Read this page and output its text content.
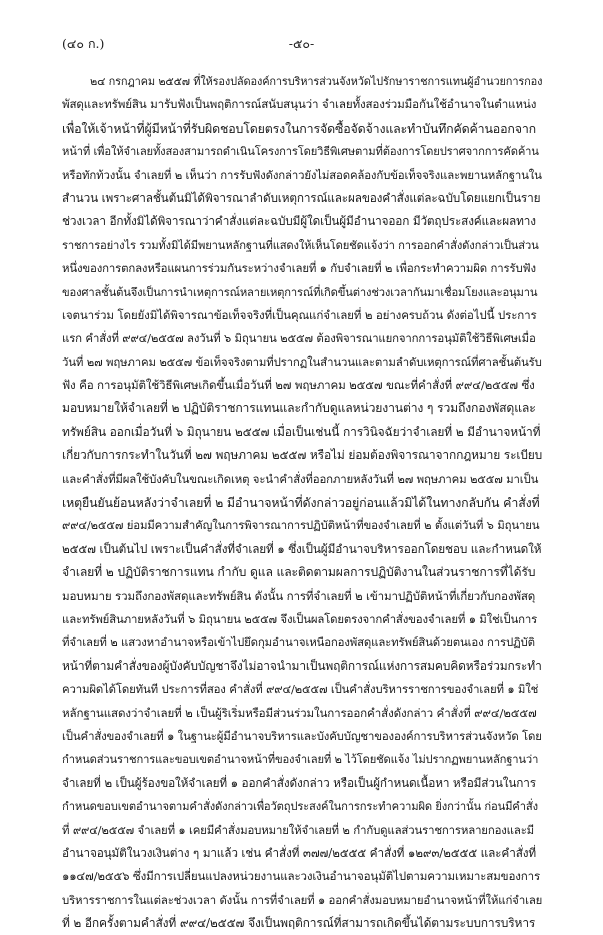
(๔๐ ก.)	-๕๐-
๒๔ กรกฎาคม ๒๕๕๗ ที่ให้รองปลัดองค์การบริหารส่วนจังหวัดไปรักษาราชการแทนผู้อำนวยการกอง
พัสดุและทรัพย์สิน มารับฟังเป็นพฤติการณ์สนับสนุนว่า จำเลยทั้งสองร่วมมือกันใช้อำนาจในตำแหน่ง
เพื่อให้เจ้าหน้าที่ผู้มีหน้าที่รับผิดชอบโดยตรงในการจัดซื้อจัดจ้างและทำบันทึกคัดค้านออกจาก
หน้าที่ เพื่อให้จำเลยทั้งสองสามารถดำเนินโครงการโดยวิธีพิเศษตามที่ต้องการโดยปราศจากการคัดค้าน
หรือทักท้วงนั้น จำเลยที่ ๒ เห็นว่า การรับฟังดังกล่าวยังไม่สอดคล้องกับข้อเท็จจริงและพยานหลักฐานใน
สำนวน เพราะศาลชั้นต้นมิได้พิจารณาลำดับเหตุการณ์และผลของคำสั่งแต่ละฉบับโดยแยกเป็นราย
ช่วงเวลา อีกทั้งมิได้พิจารณาว่าคำสั่งแต่ละฉบับมีผู้ใดเป็นผู้มีอำนาจออก มีวัตถุประสงค์และผลทาง
ราชการอย่างไร รวมทั้งมิได้มีพยานหลักฐานที่แสดงให้เห็นโดยชัดแจ้งว่า การออกคำสั่งดังกล่าวเป็นส่วน
หนึ่งของการตกลงหรือแผนการร่วมกันระหว่างจำเลยที่ ๑ กับจำเลยที่ ๒ เพื่อกระทำความผิด การรับฟัง
ของศาลชั้นต้นจึงเป็นการนำเหตุการณ์หลายเหตุการณ์ที่เกิดขึ้นต่างช่วงเวลากันมาเชื่อมโยงและอนุมาน
เจตนาร่วม โดยยังมิได้พิจารณาข้อเท็จจริงที่เป็นคุณแก่จำเลยที่ ๒ อย่างครบถ้วน ดังต่อไปนี้ ประการ
แรก คำสั่งที่ ๙๙๔/๒๕๕๗ ลงวันที่ ๖ มิถุนายน ๒๕๕๗ ต้องพิจารณาแยกจากการอนุมัติใช้วิธีพิเศษเมื่อ
วันที่ ๒๗ พฤษภาคม ๒๕๕๗ ข้อเท็จจริงตามที่ปรากฏในสำนวนและตามลำดับเหตุการณ์ที่ศาลชั้นต้นรับ
ฟัง คือ การอนุมัติใช้วิธีพิเศษเกิดขึ้นเมื่อวันที่ ๒๗ พฤษภาคม ๒๕๕๗ ขณะที่คำสั่งที่ ๙๙๔/๒๕๕๗ ซึ่ง
มอบหมายให้จำเลยที่ ๒ ปฏิบัติราชการแทนและกำกับดูแลหน่วยงานต่าง ๆ รวมถึงกองพัสดุและ
ทรัพย์สิน ออกเมื่อวันที่ ๖ มิถุนายน ๒๕๕๗ เมื่อเป็นเช่นนี้ การวินิจฉัยว่าจำเลยที่ ๒ มีอำนาจหน้าที่
เกี่ยวกับการกระทำในวันที่ ๒๗ พฤษภาคม ๒๕๕๗ หรือไม่ ย่อมต้องพิจารณาจากกฎหมาย ระเบียบ
และคำสั่งที่มีผลใช้บังคับในขณะเกิดเหตุ จะนำคำสั่งที่ออกภายหลังวันที่ ๒๗ พฤษภาคม ๒๕๕๗ มาเป็น
เหตุยืนยันย้อนหลังว่าจำเลยที่ ๒ มีอำนาจหน้าที่ดังกล่าวอยู่ก่อนแล้วมิได้ในทางกลับกัน คำสั่งที่
๙๙๔/๒๕๕๗ ย่อมมีความสำคัญในการพิจารณาการปฏิบัติหน้าที่ของจำเลยที่ ๒ ตั้งแต่วันที่ ๖ มิถุนายน
๒๕๕๗ เป็นต้นไป เพราะเป็นคำสั่งที่จำเลยที่ ๑ ซึ่งเป็นผู้มีอำนาจบริหารออกโดยชอบ และกำหนดให้
จำเลยที่ ๒ ปฏิบัติราชการแทน กำกับ ดูแล และติดตามผลการปฏิบัติงานในส่วนราชการที่ได้รับ
มอบหมาย รวมถึงกองพัสดุและทรัพย์สิน ดังนั้น การที่จำเลยที่ ๒ เข้ามาปฏิบัติหน้าที่เกี่ยวกับกองพัสดุ
และทรัพย์สินภายหลังวันที่ ๖ มิถุนายน ๒๕๕๗ จึงเป็นผลโดยตรงจากคำสั่งของจำเลยที่ ๑ มิใช่เป็นการ
ที่จำเลยที่ ๒ แสวงหาอำนาจหรือเข้าไปยึดกุมอำนาจเหนือกองพัสดุและทรัพย์สินด้วยตนเอง การปฏิบัติ
หน้าที่ตามคำสั่งของผู้บังคับบัญชาจึงไม่อาจนำมาเป็นพฤติการณ์แห่งการสมคบคิดหรือร่วมกระทำ
ความผิดได้โดยทันที ประการที่สอง คำสั่งที่ ๙๙๔/๒๕๕๗ เป็นคำสั่งบริหารราชการของจำเลยที่ ๑ มิใช่
หลักฐานแสดงว่าจำเลยที่ ๒ เป็นผู้ริเริ่มหรือมีส่วนร่วมในการออกคำสั่งดังกล่าว คำสั่งที่ ๙๙๔/๒๕๕๗
เป็นคำสั่งของจำเลยที่ ๑ ในฐานะผู้มีอำนาจบริหารและบังคับบัญชาขององค์การบริหารส่วนจังหวัด โดย
กำหนดส่วนราชการและขอบเขตอำนาจหน้าที่ของจำเลยที่ ๒ ไว้โดยชัดแจ้ง ไม่ปรากฏพยานหลักฐานว่า
จำเลยที่ ๒ เป็นผู้ร้องขอให้จำเลยที่ ๑ ออกคำสั่งดังกล่าว หรือเป็นผู้กำหนดเนื้อหา หรือมีส่วนในการ
กำหนดขอบเขตอำนาจตามคำสั่งดังกล่าวเพื่อวัตถุประสงค์ในการกระทำความผิด ยิ่งกว่านั้น ก่อนมีคำสั่ง
ที่ ๙๙๔/๒๕๕๗ จำเลยที่ ๑ เคยมีคำสั่งมอบหมายให้จำเลยที่ ๒ กำกับดูแลส่วนราชการหลายกองและมี
อำนาจอนุมัติในวงเงินต่าง ๆ มาแล้ว เช่น คำสั่งที่ ๓๗๗/๒๕๕๕ คำสั่งที่ ๑๒๙๓/๒๕๕๕ และคำสั่งที่
๑๑๔๗/๒๕๕๖ ซึ่งมีการเปลี่ยนแปลงหน่วยงานและวงเงินอำนาจอนุมัติไปตามความเหมาะสมของการ
บริหารราชการในแต่ละช่วงเวลา ดังนั้น การที่จำเลยที่ ๑ ออกคำสั่งมอบหมายอำนาจหน้าที่ให้แก่จำเลย
ที่ ๒ อีกครั้งตามคำสั่งที่ ๙๙๔/๒๕๕๗ จึงเป็นพฤติการณ์ที่สามารถเกิดขึ้นได้ตามระบบการบริหาร
